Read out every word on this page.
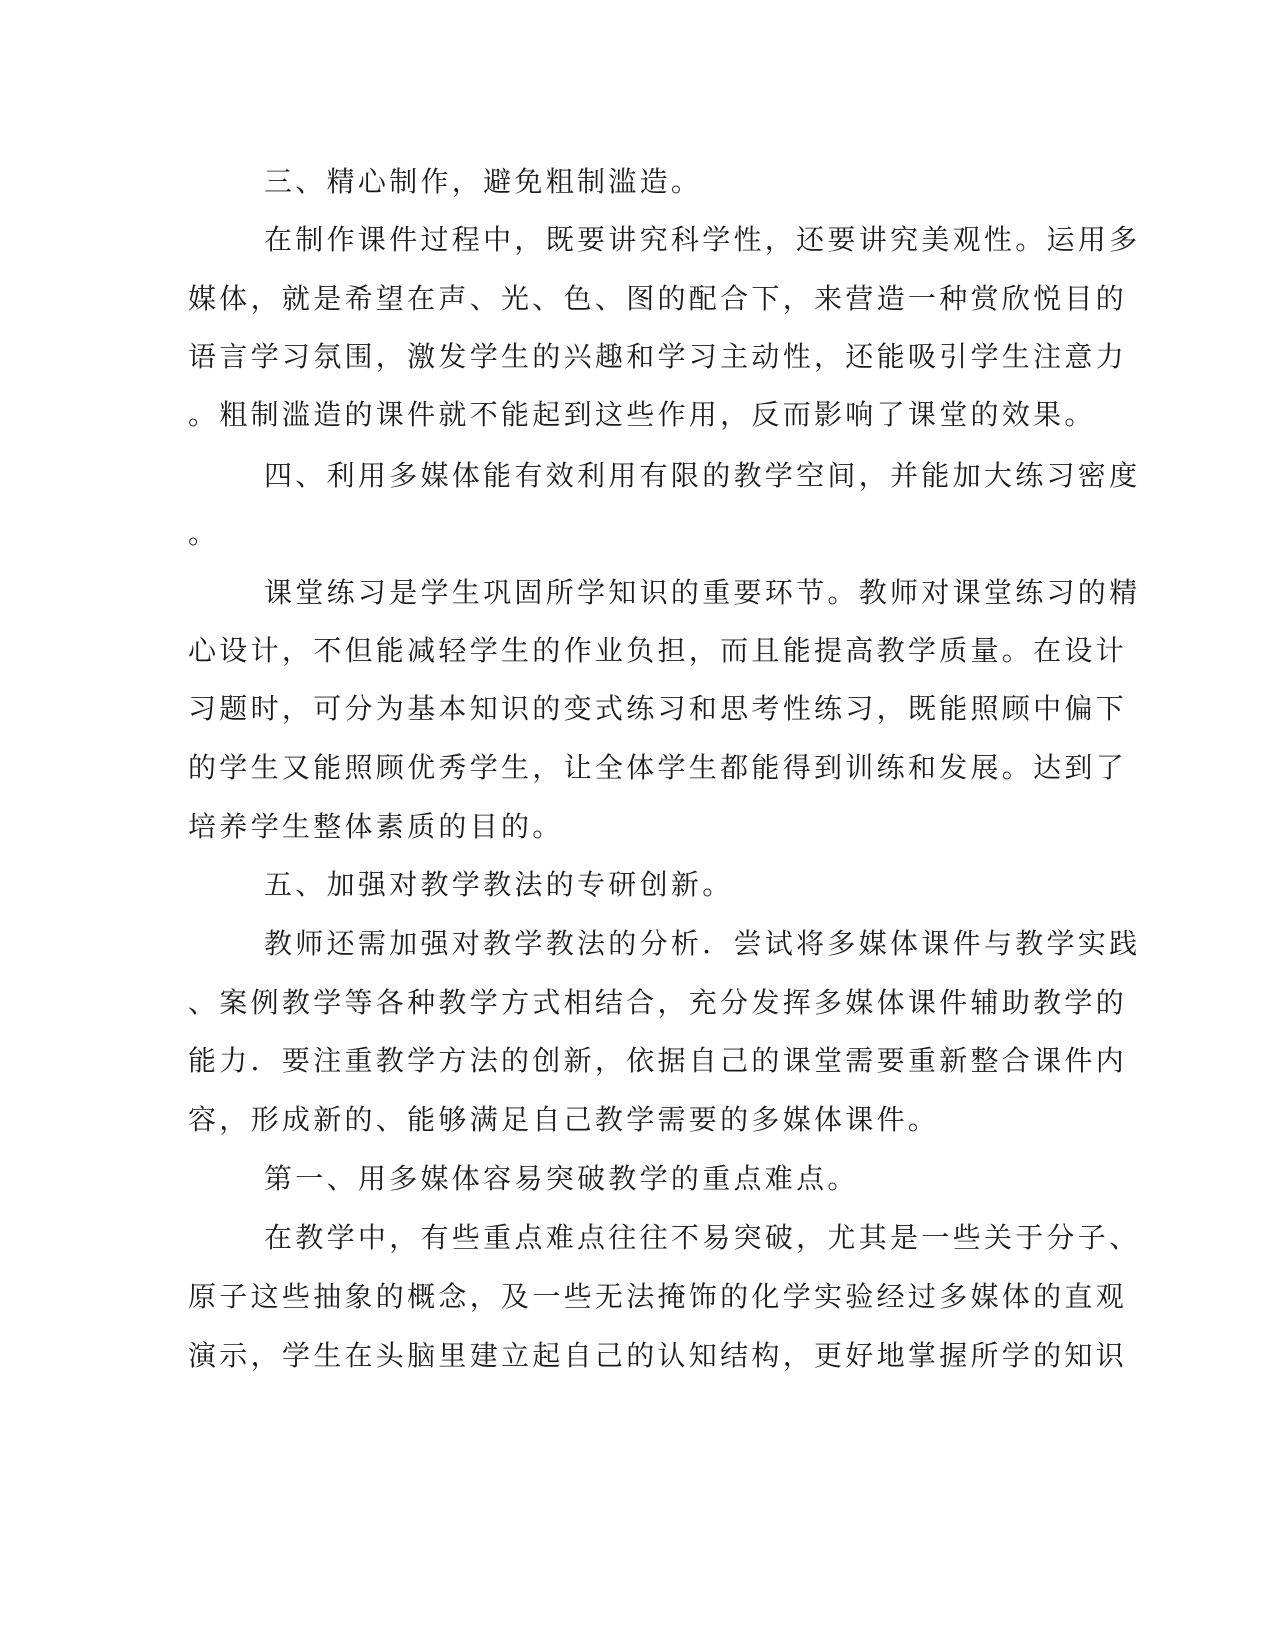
三、精心制作，避免粗制滥造。
在制作课件过程中，既要讲究科学性，还要讲究美观性。运用多
媒体，就是希望在声、光、色、图的配合下，来营造一种赏欣悦目的
语言学习氛围，激发学生的兴趣和学习主动性，还能吸引学生注意力
。粗制滥造的课件就不能起到这些作用，反而影响了课堂的效果。
四、利用多媒体能有效利用有限的教学空间，并能加大练习密度
。
课堂练习是学生巩固所学知识的重要环节。教师对课堂练习的精
心设计，不但能减轻学生的作业负担，而且能提高教学质量。在设计
习题时，可分为基本知识的变式练习和思考性练习，既能照顾中偏下
的学生又能照顾优秀学生，让全体学生都能得到训练和发展。达到了
培养学生整体素质的目的。
五、加强对教学教法的专研创新。
教师还需加强对教学教法的分析．尝试将多媒体课件与教学实践
、案例教学等各种教学方式相结合，充分发挥多媒体课件辅助教学的
能力．要注重教学方法的创新，依据自己的课堂需要重新整合课件内
容，形成新的、能够满足自己教学需要的多媒体课件。
第一、用多媒体容易突破教学的重点难点。
在教学中，有些重点难点往往不易突破，尤其是一些关于分子、
原子这些抽象的概念，及一些无法掩饰的化学实验经过多媒体的直观
演示，学生在头脑里建立起自己的认知结构，更好地掌握所学的知识
